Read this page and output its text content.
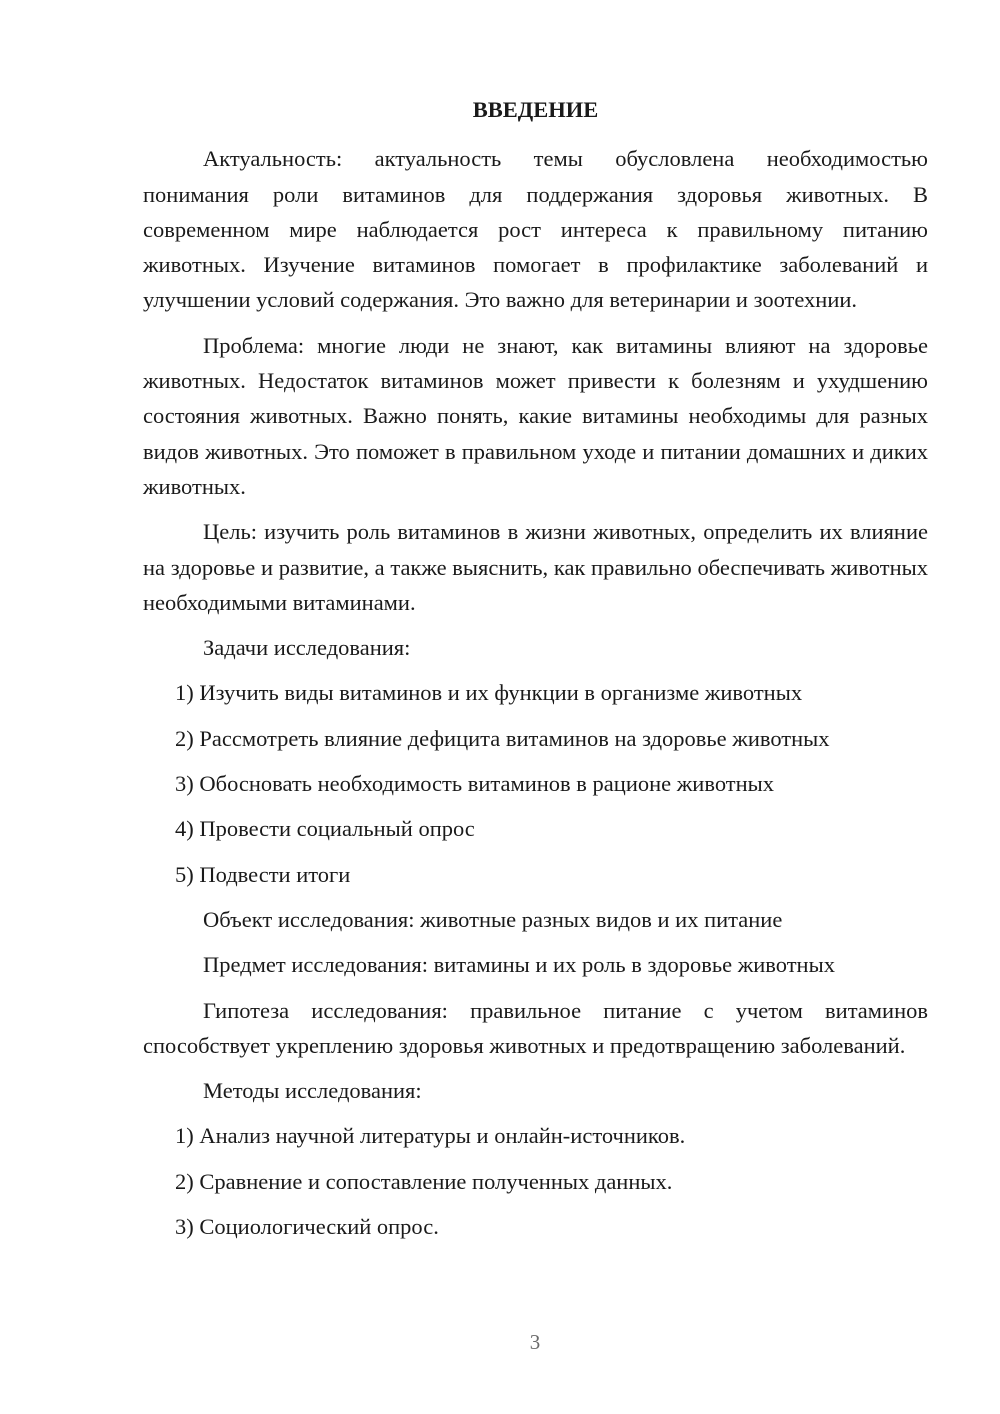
ВВЕДЕНИЕ

Актуальность: актуальность темы обусловлена необходимостью понимания роли витаминов для поддержания здоровья животных. В современном мире наблюдается рост интереса к правильному питанию животных. Изучение витаминов помогает в профилактике заболеваний и улучшении условий содержания. Это важно для ветеринарии и зоотехнии.

Проблема: многие люди не знают, как витамины влияют на здоровье животных. Недостаток витаминов может привести к болезням и ухудшению состояния животных. Важно понять, какие витамины необходимы для разных видов животных. Это поможет в правильном уходе и питании домашних и диких животных.

Цель: изучить роль витаминов в жизни животных, определить их влияние на здоровье и развитие, а также выяснить, как правильно обеспечивать животных необходимыми витаминами.

Задачи исследования:

1) Изучить виды витаминов и их функции в организме животных
2) Рассмотреть влияние дефицита витаминов на здоровье животных
3) Обосновать необходимость витаминов в рационе животных
4) Провести социальный опрос
5) Подвести итоги

Объект исследования: животные разных видов и их питание

Предмет исследования: витамины и их роль в здоровье животных

Гипотеза исследования: правильное питание с учетом витаминов способствует укреплению здоровья животных и предотвращению заболеваний.

Методы исследования:

1) Анализ научной литературы и онлайн-источников.
2) Сравнение и сопоставление полученных данных.
3) Социологический опрос.
3
